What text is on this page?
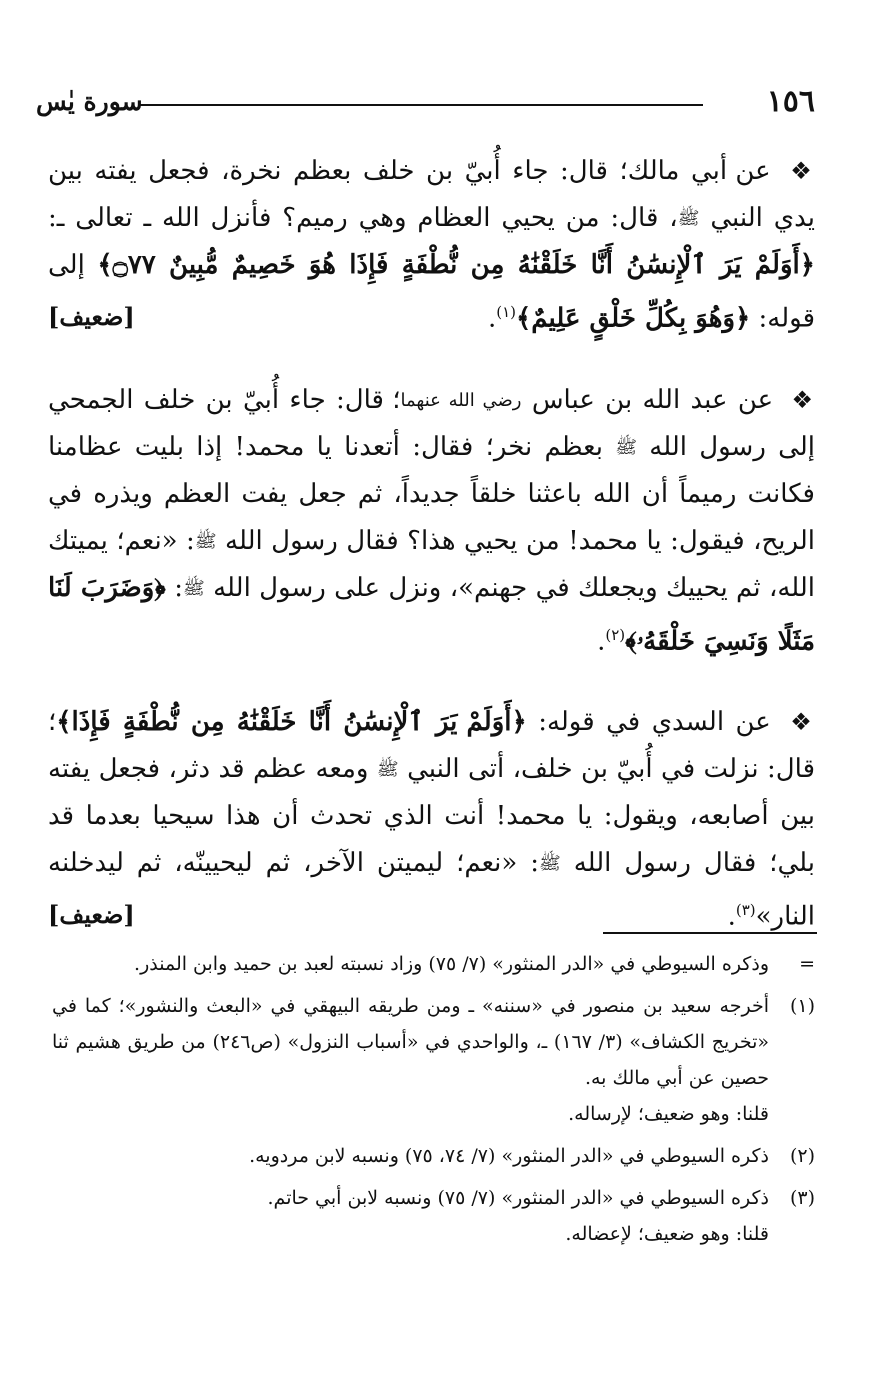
١٥٦
سورة يٰس

❖ عن أبي مالك؛ قال: جاء أُبيّ بن خلف بعظم نخرة، فجعل يفته بين يدي النبي ﷺ، قال: من يحيي العظام وهي رميم؟ فأنزل الله ـ تعالى ـ: ﴿أَوَلَمْ يَرَ ٱلْإِنسَٰنُ أَنَّا خَلَقْنَٰهُ مِن نُّطْفَةٍ فَإِذَا هُوَ خَصِيمٌ مُّبِينٌ ۝٧٧﴾ إلى قوله: ﴿وَهُوَ بِكُلِّ خَلْقٍ عَلِيمٌ﴾$^{(١)}$.
[ضعيف]

❖ عن عبد الله بن عباس رضي الله عنهما؛ قال: جاء أُبيّ بن خلف الجمحي إلى رسول الله ﷺ بعظم نخر؛ فقال: أتعدنا يا محمد! إذا بليت عظامنا فكانت رميماً أن الله باعثنا خلقاً جديداً، ثم جعل يفت العظم ويذره في الريح، فيقول: يا محمد! من يحيي هذا؟ فقال رسول الله ﷺ: «نعم؛ يميتك الله، ثم يحييك ويجعلك في جهنم»، ونزل على رسول الله ﷺ: ﴿وَضَرَبَ لَنَا مَثَلًا وَنَسِيَ خَلْقَهُۥ﴾$^{(٢)}$.

❖ عن السدي في قوله: ﴿أَوَلَمْ يَرَ ٱلْإِنسَٰنُ أَنَّا خَلَقْنَٰهُ مِن نُّطْفَةٍ فَإِذَا﴾؛ قال: نزلت في أُبيّ بن خلف، أتى النبي ﷺ ومعه عظم قد دثر، فجعل يفته بين أصابعه، ويقول: يا محمد! أنت الذي تحدث أن هذا سيحيا بعدما قد بلي؛ فقال رسول الله ﷺ: «نعم؛ ليميتن الآخر، ثم ليحيينّه، ثم ليدخلنه النار»$^{(٣)}$.
[ضعيف]

=

وذكره السيوطي في «الدر المنثور» (٧/ ٧٥) وزاد نسبته لعبد بن حميد وابن المنذر.

(١)

أخرجه سعيد بن منصور في «سننه» ـ ومن طريقه البيهقي في «البعث والنشور»؛ كما في «تخريج الكشاف» (٣/ ١٦٧) ـ، والواحدي في «أسباب النزول» (ص٢٤٦) من طريق هشيم ثنا حصين عن أبي مالك به.

قلنا: وهو ضعيف؛ لإرساله.

(٢)

ذكره السيوطي في «الدر المنثور» (٧/ ٧٤، ٧٥) ونسبه لابن مردويه.

(٣)

ذكره السيوطي في «الدر المنثور» (٧/ ٧٥) ونسبه لابن أبي حاتم.

قلنا: وهو ضعيف؛ لإعضاله.
